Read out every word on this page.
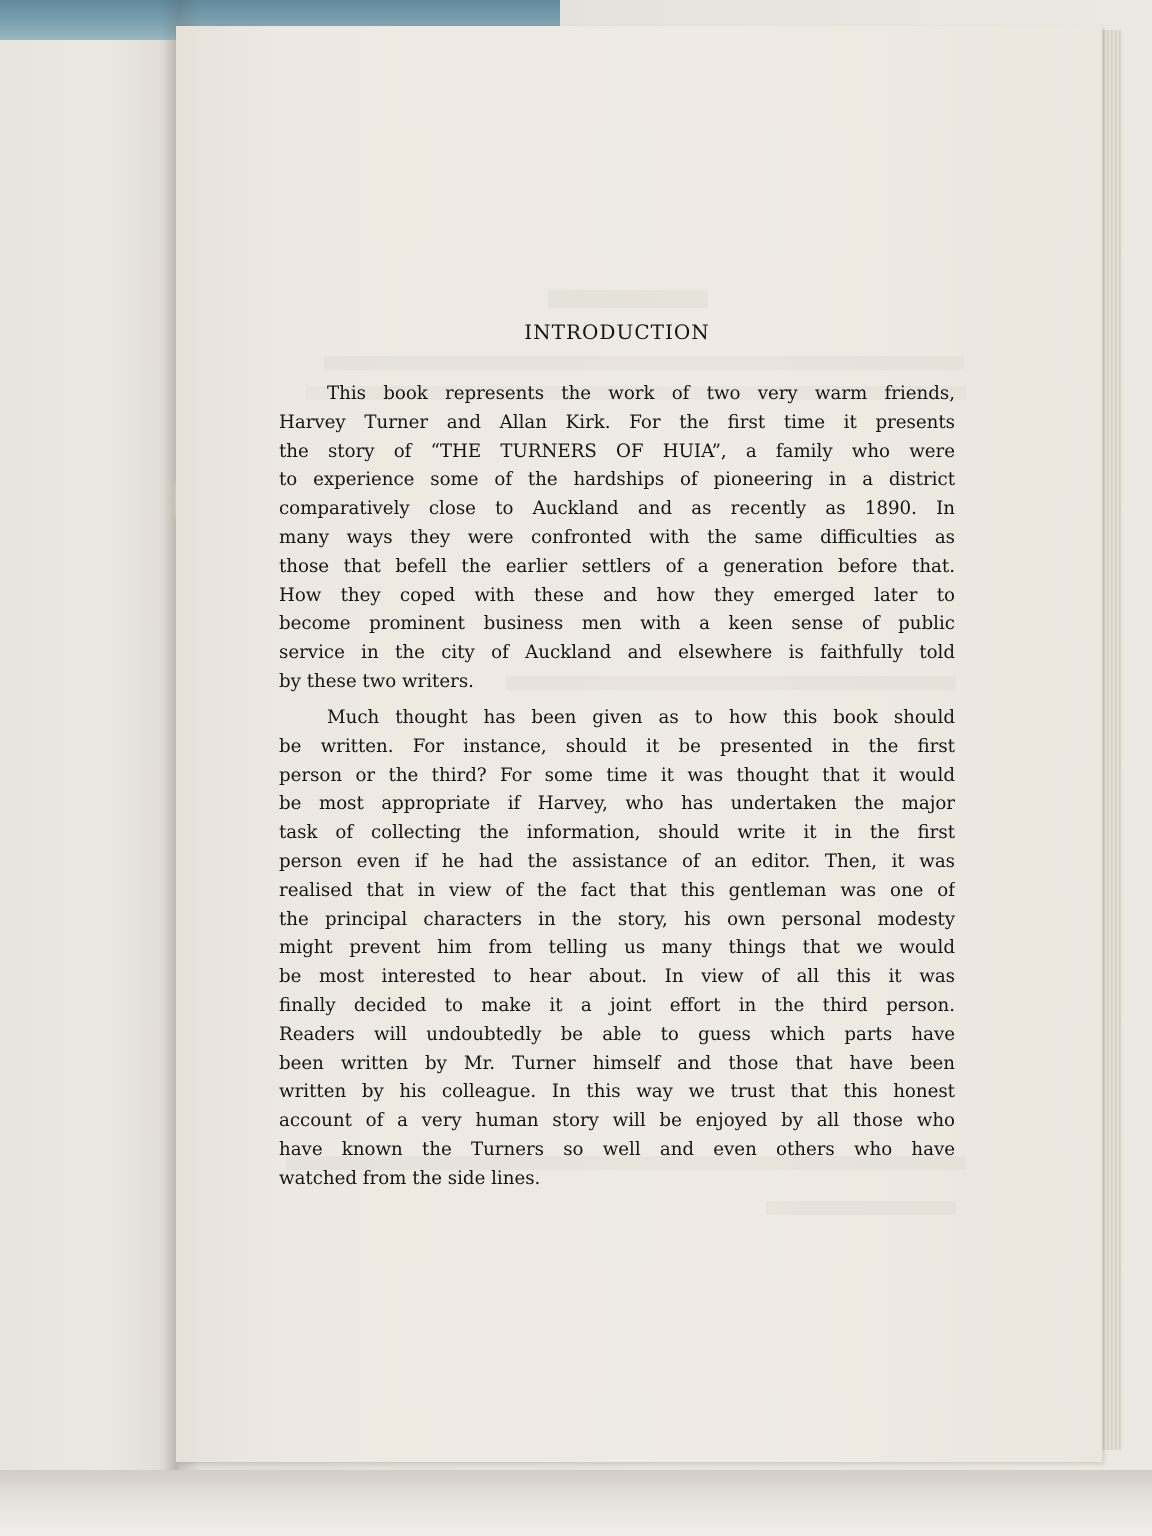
INTRODUCTION

This book represents the work of two very warm friends,
Harvey Turner and Allan Kirk. For the first time it presents
the story of “THE TURNERS OF HUIA”, a family who were
to experience some of the hardships of pioneering in a district
comparatively close to Auckland and as recently as 1890. In
many ways they were confronted with the same difficulties as
those that befell the earlier settlers of a generation before that.
How they coped with these and how they emerged later to
become prominent business men with a keen sense of public
service in the city of Auckland and elsewhere is faithfully told
by these two writers.

Much thought has been given as to how this book should
be written. For instance, should it be presented in the first
person or the third? For some time it was thought that it would
be most appropriate if Harvey, who has undertaken the major
task of collecting the information, should write it in the first
person even if he had the assistance of an editor. Then, it was
realised that in view of the fact that this gentleman was one of
the principal characters in the story, his own personal modesty
might prevent him from telling us many things that we would
be most interested to hear about. In view of all this it was
finally decided to make it a joint effort in the third person.
Readers will undoubtedly be able to guess which parts have
been written by Mr. Turner himself and those that have been
written by his colleague. In this way we trust that this honest
account of a very human story will be enjoyed by all those who
have known the Turners so well and even others who have
watched from the side lines.
